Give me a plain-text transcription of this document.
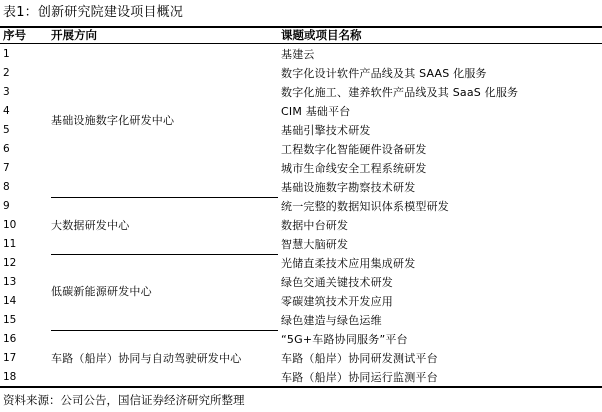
表1：创新研究院建设项目概况
序号 开展方向	课题或项目名称
1
2
3
4
5
6
7
8
9
10
11
12
13
14
15
16
17
18
基建云
数字化设计软件产品线及其 SAAS 化服务
数字化施工、建养软件产品线及其 SaaS 化服务
CIM 基础平台
基础引擎技术研发
工程数字化智能硬件设备研发
城市生命线安全工程系统研发
基础设施数字勘察技术研发
统一完整的数据知识体系模型研发
数据中台研发
智慧大脑研发
光储直柔技术应用集成研发
绿色交通关键技术研发
零碳建筑技术开发应用
绿色建造与绿色运维
“5G+车路协同服务”平台
车路（船岸）协同研发测试平台
车路（船岸）协同运行监测平台
基础设施数字化研发中心
大数据研发中心
低碳新能源研发中心
车路（船岸）协同与自动驾驶研发中心
资料来源：公司公告，国信证券经济研究所整理
